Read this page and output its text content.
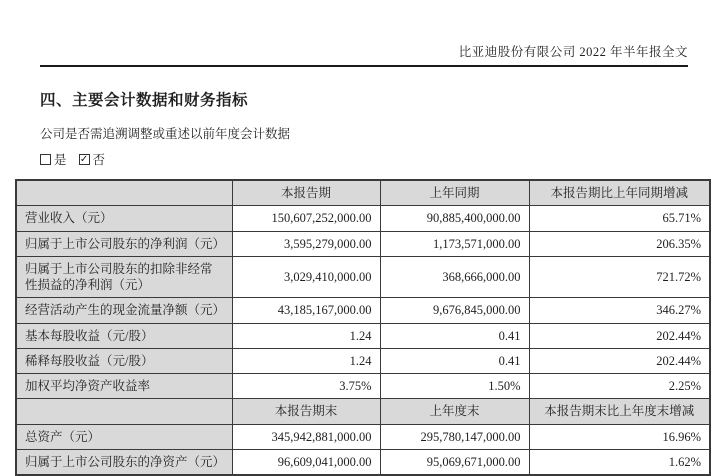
比亚迪股份有限公司 2022 年半年报全文
四、主要会计数据和财务指标
公司是否需追溯调整或重述以前年度会计数据
是 ✓ 否
	本报告期	上年同期	本报告期比上年同期增减
营业收入（元）	150,607,252,000.00	90,885,400,000.00	65.71%
归属于上市公司股东的净利润（元）	3,595,279,000.00	1,173,571,000.00	206.35%
归属于上市公司股东的扣除非经常性损益的净利润（元）	3,029,410,000.00	368,666,000.00	721.72%
经营活动产生的现金流量净额（元）	43,185,167,000.00	9,676,845,000.00	346.27%
基本每股收益（元/股）	1.24	0.41	202.44%
稀释每股收益（元/股）	1.24	0.41	202.44%
加权平均净资产收益率	3.75%	1.50%	2.25%
	本报告期末	上年度末	本报告期末比上年度末增减
总资产（元）	345,942,881,000.00	295,780,147,000.00	16.96%
归属于上市公司股东的净资产（元）	96,609,041,000.00	95,069,671,000.00	1.62%
